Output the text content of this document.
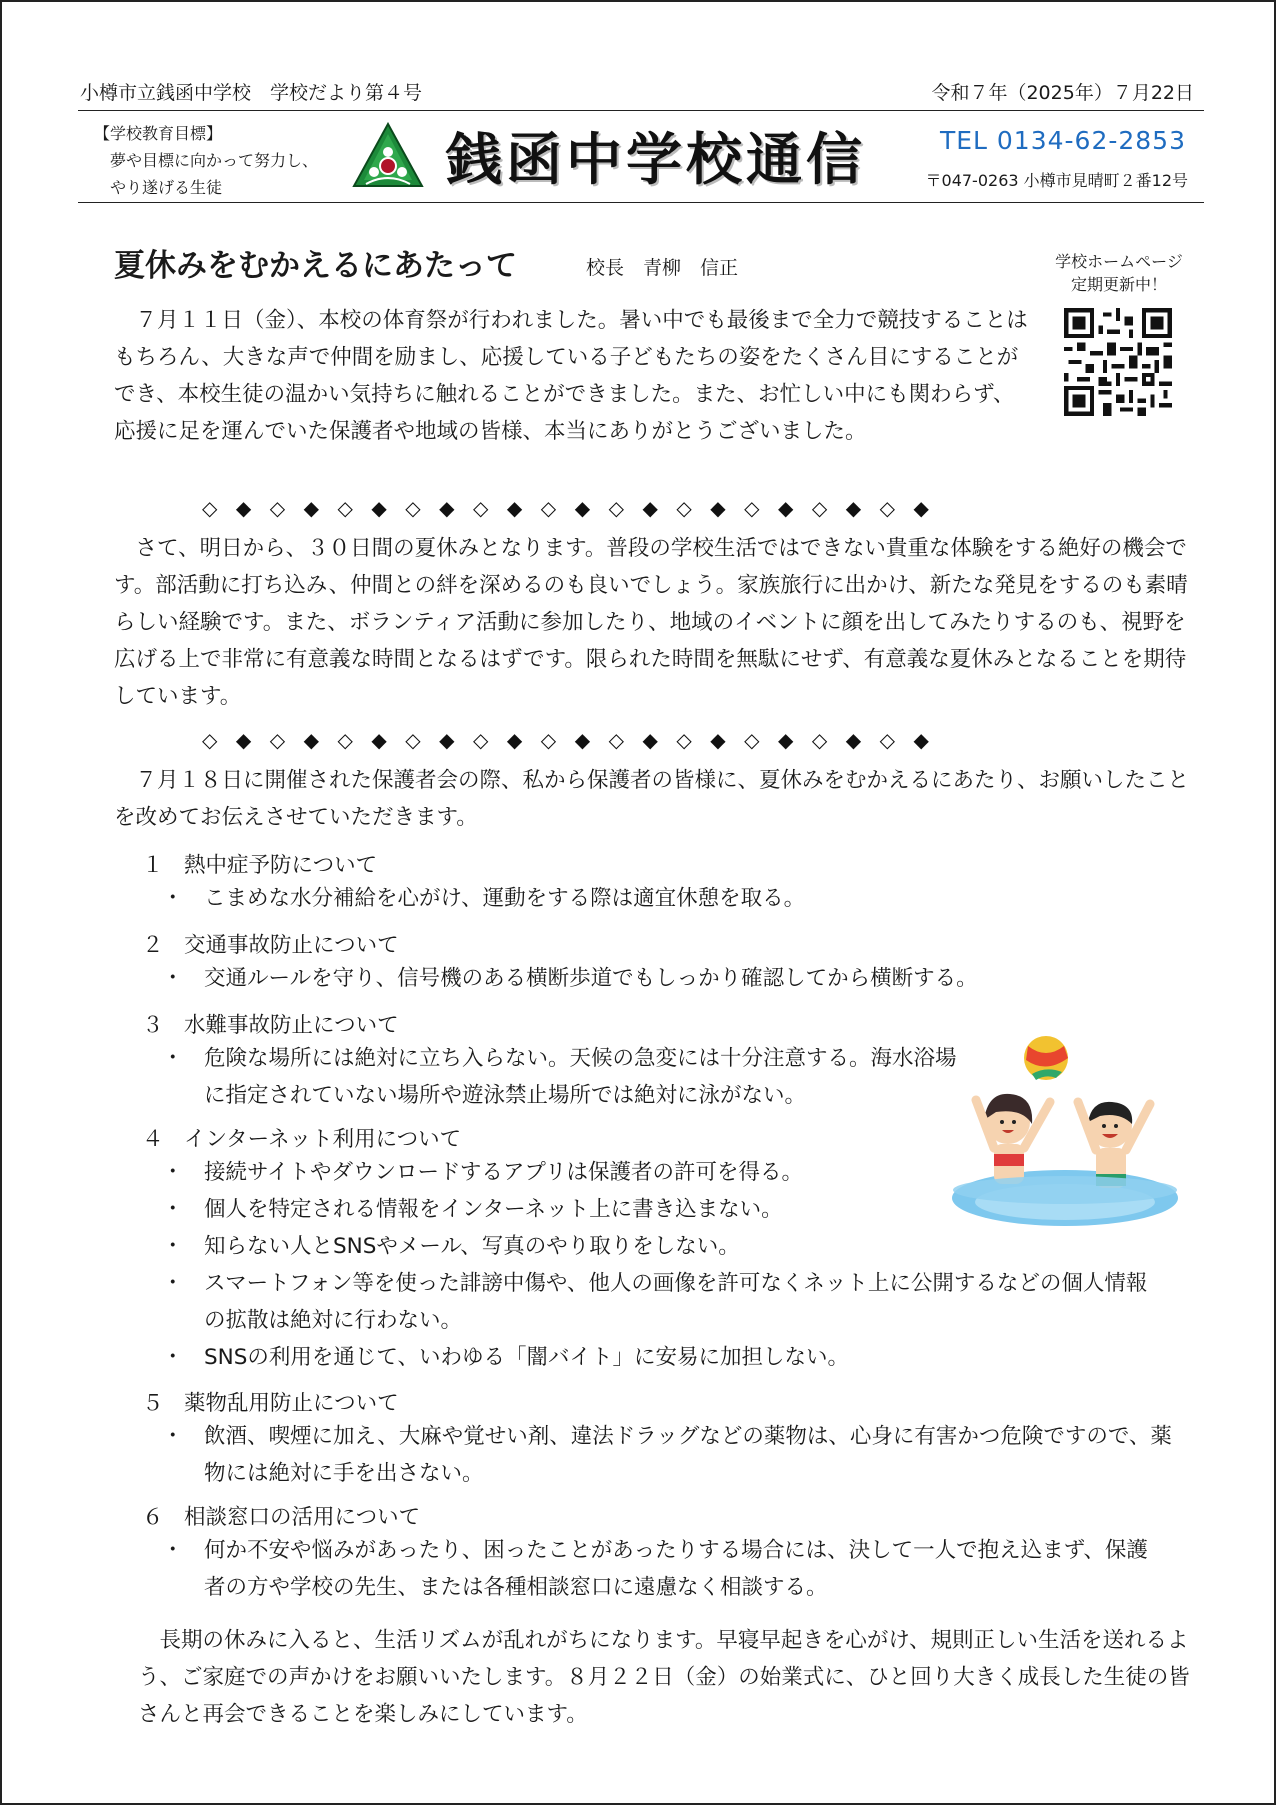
小樽市立銭函中学校　学校だより第４号	令和７年（2025年）７月22日
【学校教育目標】
夢や目標に向かって努力し、
やり遂げる生徒	銭函中学校通信	TEL 0134-62-2853
〒047-0263 小樽市見晴町２番12号
夏休みをむかえるにあたって	校長　青柳　信正	学校ホームページ
定期更新中！

７月１１日（金）、本校の体育祭が行われました。暑い中でも最後まで全力で競技することはもちろん、大きな声で仲間を励まし、応援している子どもたちの姿をたくさん目にすることができ、本校生徒の温かい気持ちに触れることができました。また、お忙しい中にも関わらず、応援に足を運んでいた保護者や地域の皆様、本当にありがとうございました。

◇◆◇◆◇◆◇◆◇◆◇◆◇◆◇◆◇◆◇◆◇◆

さて、明日から、３０日間の夏休みとなります。普段の学校生活ではできない貴重な体験をする絶好の機会です。部活動に打ち込み、仲間との絆を深めるのも良いでしょう。家族旅行に出かけ、新たな発見をするのも素晴らしい経験です。また、ボランティア活動に参加したり、地域のイベントに顔を出してみたりするのも、視野を広げる上で非常に有意義な時間となるはずです。限られた時間を無駄にせず、有意義な夏休みとなることを期待しています。

◇◆◇◆◇◆◇◆◇◆◇◆◇◆◇◆◇◆◇◆◇◆

７月１８日に開催された保護者会の際、私から保護者の皆様に、夏休みをむかえるにあたり、お願いしたことを改めてお伝えさせていただきます。

１ 熱中症予防について
・ こまめな水分補給を心がけ、運動をする際は適宜休憩を取る。
２ 交通事故防止について
・ 交通ルールを守り、信号機のある横断歩道でもしっかり確認してから横断する。
３ 水難事故防止について
・ 危険な場所には絶対に立ち入らない。天候の急変には十分注意する。海水浴場に指定されていない場所や遊泳禁止場所では絶対に泳がない。
４ インターネット利用について
・ 接続サイトやダウンロードするアプリは保護者の許可を得る。
・ 個人を特定される情報をインターネット上に書き込まない。
・ 知らない人とSNSやメール、写真のやり取りをしない。
・ スマートフォン等を使った誹謗中傷や、他人の画像を許可なくネット上に公開するなどの個人情報の拡散は絶対に行わない。
・ SNSの利用を通じて、いわゆる「闇バイト」に安易に加担しない。
５ 薬物乱用防止について
・ 飲酒、喫煙に加え、大麻や覚せい剤、違法ドラッグなどの薬物は、心身に有害かつ危険ですので、薬物には絶対に手を出さない。
６ 相談窓口の活用について
・ 何か不安や悩みがあったり、困ったことがあったりする場合には、決して一人で抱え込まず、保護者の方や学校の先生、または各種相談窓口に遠慮なく相談する。

長期の休みに入ると、生活リズムが乱れがちになります。早寝早起きを心がけ、規則正しい生活を送れるよう、ご家庭での声かけをお願いいたします。８月２２日（金）の始業式に、ひと回り大きく成長した生徒の皆さんと再会できることを楽しみにしています。
